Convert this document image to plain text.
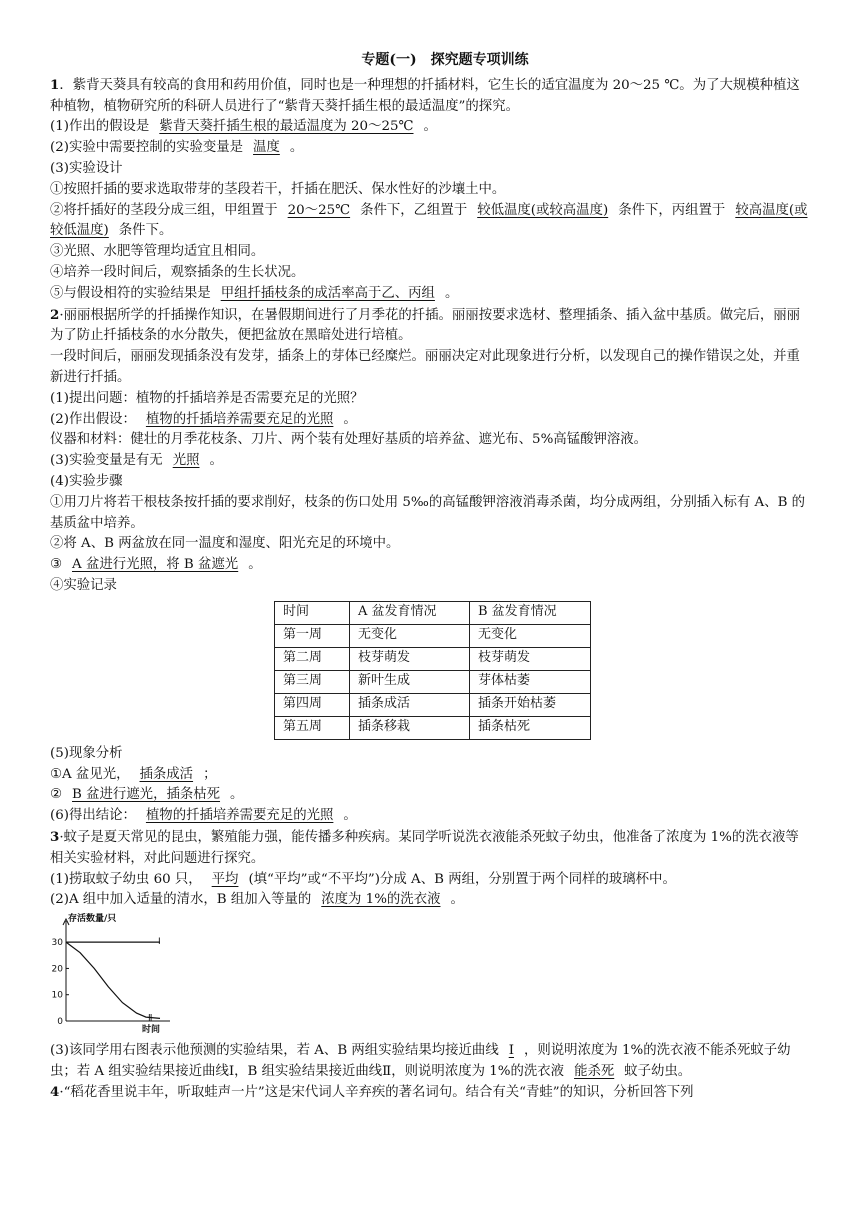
专题(一)　探究题专项训练

1．紫背天葵具有较高的食用和药用价值，同时也是一种理想的扦插材料，它生长的适宜温度为 20～25 ℃。为了大规模种植这种植物，植物研究所的科研人员进行了“紫背天葵扦插生根的最适温度”的探究。

(1)作出的假设是 紫背天葵扦插生根的最适温度为 20～25℃ 。

(2)实验中需要控制的实验变量是 温度 。

(3)实验设计

①按照扦插的要求选取带芽的茎段若干，扦插在肥沃、保水性好的沙壤土中。

②将扦插好的茎段分成三组，甲组置于 20～25℃ 条件下，乙组置于 较低温度(或较高温度) 条件下，丙组置于 较高温度(或较低温度) 条件下。

③光照、水肥等管理均适宜且相同。

④培养一段时间后，观察插条的生长状况。

⑤与假设相符的实验结果是 甲组扦插枝条的成活率高于乙、丙组 。

2·丽丽根据所学的扦插操作知识，在暑假期间进行了月季花的扦插。丽丽按要求选材、整理插条、插入盆中基质。做完后，丽丽为了防止扦插枝条的水分散失，便把盆放在黑暗处进行培植。

一段时间后，丽丽发现插条没有发芽，插条上的芽体已经糜烂。丽丽决定对此现象进行分析，以发现自己的操作错误之处，并重新进行扦插。

(1)提出问题：植物的扦插培养是否需要充足的光照？

(2)作出假设： 植物的扦插培养需要充足的光照 。

仪器和材料：健壮的月季花枝条、刀片、两个装有处理好基质的培养盆、遮光布、5%高锰酸钾溶液。

(3)实验变量是有无 光照 。

(4)实验步骤

①用刀片将若干根枝条按扦插的要求削好，枝条的伤口处用 5‰的高锰酸钾溶液消毒杀菌，均分成两组，分别插入标有 A、B 的基质盆中培养。

②将 A、B 两盆放在同一温度和湿度、阳光充足的环境中。

③ A 盆进行光照，将 B 盆遮光 。

④实验记录

时间	A 盆发育情况	B 盆发育情况
第一周	无变化	无变化
第二周	枝芽萌发	枝芽萌发
第三周	新叶生成	芽体枯萎
第四周	插条成活	插条开始枯萎
第五周	插条移栽	插条枯死

(5)现象分析

①A 盆见光， 插条成活 ；

② B 盆进行遮光，插条枯死 。

(6)得出结论： 植物的扦插培养需要充足的光照 。

3·蚊子是夏天常见的昆虫，繁殖能力强，能传播多种疾病。某同学听说洗衣液能杀死蚊子幼虫，他准备了浓度为 1%的洗衣液等相关实验材料，对此问题进行探究。

(1)捞取蚊子幼虫 60 只， 平均 (填“平均”或“不平均”)分成 A、B 两组，分别置于两个同样的玻璃杯中。

(2)A 组中加入适量的清水，B 组加入等量的 浓度为 1%的洗衣液 。

存活数量/只
时间
0
10
20
30	Ⅰ
Ⅱ

(3)该同学用右图表示他预测的实验结果，若 A、B 两组实验结果均接近曲线 Ⅰ ，则说明浓度为 1%的洗衣液不能杀死蚊子幼虫；若 A 组实验结果接近曲线Ⅰ，B 组实验结果接近曲线Ⅱ，则说明浓度为 1%的洗衣液 能杀死 蚊子幼虫。

4·“稻花香里说丰年，听取蛙声一片”这是宋代词人辛弃疾的著名词句。结合有关“青蛙”的知识，分析回答下列
